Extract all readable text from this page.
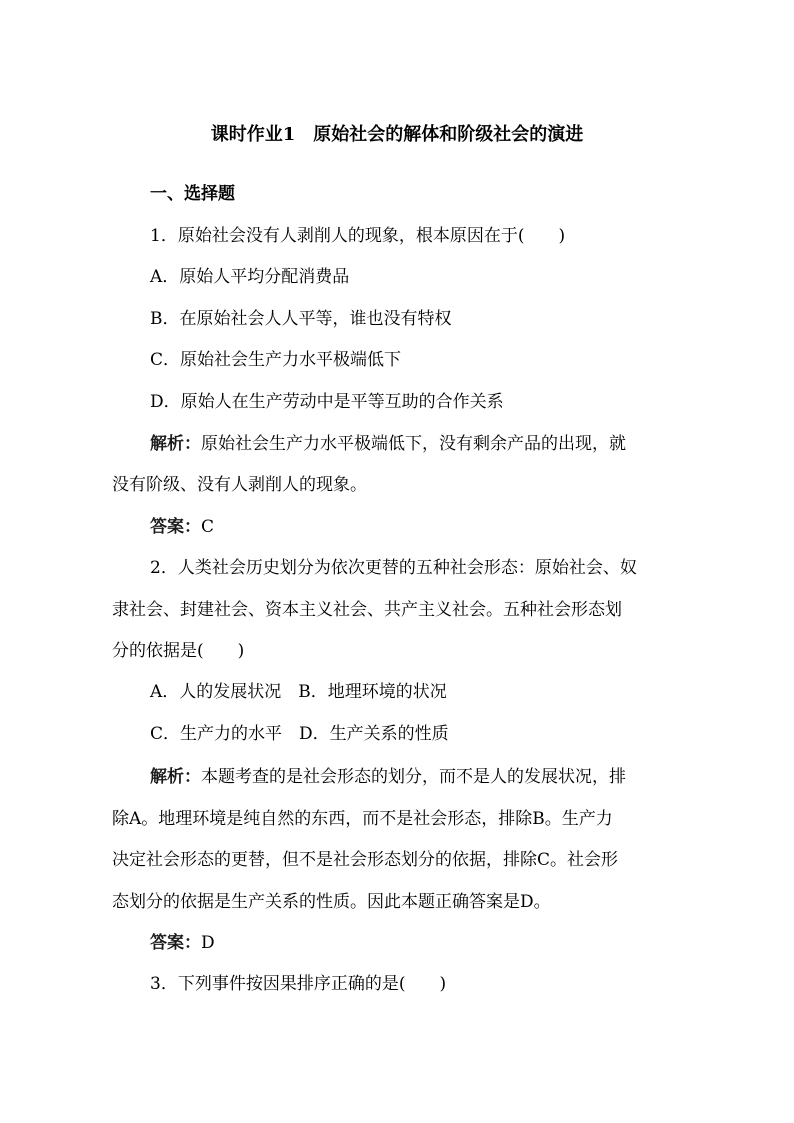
课时作业1　原始社会的解体和阶级社会的演进
一、选择题
1．原始社会没有人剥削人的现象，根本原因在于(　　)
A．原始人平均分配消费品
B．在原始社会人人平等，谁也没有特权
C．原始社会生产力水平极端低下
D．原始人在生产劳动中是平等互助的合作关系
解析：原始社会生产力水平极端低下，没有剩余产品的出现，就
没有阶级、没有人剥削人的现象。
答案：C
2．人类社会历史划分为依次更替的五种社会形态：原始社会、奴
隶社会、封建社会、资本主义社会、共产主义社会。五种社会形态划
分的依据是(　　)
A．人的发展状况　B．地理环境的状况
C．生产力的水平　D．生产关系的性质
解析：本题考查的是社会形态的划分，而不是人的发展状况，排
除A。地理环境是纯自然的东西，而不是社会形态，排除B。生产力
决定社会形态的更替，但不是社会形态划分的依据，排除C。社会形
态划分的依据是生产关系的性质。因此本题正确答案是D。
答案：D
3．下列事件按因果排序正确的是(　　)
